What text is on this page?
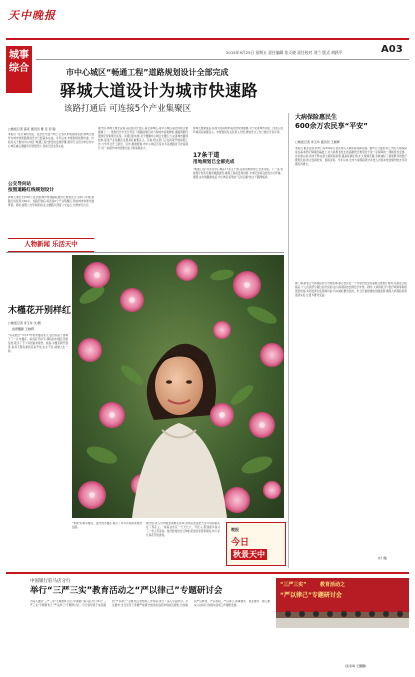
天中晚报
2015年9月25日 星期五 责任编辑 张天晓 责任校对 刘兰 版式 胡跃平	A03
城事
综合	市中心城区“畅通工程”道路规划设计全部完成
驿城大道设计为城市快速路
该路打通后 可连接5个产业集聚区
□晚报记者 高亮 通讯员 曹 章 彭 聪
本报讯 “在计算机系统、信息化方面,”昨日,记者从市规划局获悉,驿城大道作为城市快速路规划设计已经基本完成。今年以来,市规划局按照市委、市政府关于推进中心城区“畅通工程”建设的安排部署,组织专业设计单位对中心城区重点道路进行规划设计,目前已经全部完成。
公交导向站
按照道路红线规划设计
驿城大道全长约26公里,按照城市快速路标准进行规划设计,双向八车道,道路红线宽度为60米。该路打通后,将连接5个产业集聚区,形成城市快速交通骨架。同时,按照公交导向原则,在主要路口预留公交站点,方便市民出行。
人物新闻 乐活天中
据介绍,驿城大道北起驻马店经济开发区,南至驿城区,是中心城区南北向的主要通道之一。规划设计中充分考虑了道路的通行能力和城市景观效果,道路两侧设置绿化带和慢行系统。该项目的实施,对于缓解中心城区交通压力,完善城市路网结构,促进产业集聚区发展具有重要意义。目前,相关部门正在抓紧开展前期工作,力争早日开工建设。另外,根据规划,市中心城区还将对多条道路进行改造提升,进一步提升城市的通行能力和承载能力。
驿城大道建成后,将成为连接城市南北的快速通道,对于完善城市功能、改善人居环境具有重要意义。市规划局有关负责人介绍,规划设计工作已通过专家评审。
17条干道
用地规划已全部完成
“畅通工程”共涉及中心城区17条主干道,目前用地规划已全部完成。下一步,将按照计划有序推进道路建设,确保工程质量和进度,为市民创造良好的出行环境。据悉,这些道路建成后,中心城区将形成“五纵五横”的主干路网格局。
大病保险惠民生
600余万农民享“平安”
□晚报记者 李玉华 通讯员 王晓辉
本报讯 截至目前,我市已有600余万农民纳入大病保险保障范围。据市卫计委负责人介绍,大病保险是在基本医疗保障的基础上,对大病患者发生的高额医疗费用给予进一步保障的一项制度性安排。自实施以来,我市不断完善大病保险政策,提高报销比例,扩大保障范围,有效减轻了参保群众的医疗费用负担,防止因病致贫、因病返贫。今年以来,全市大病保险累计补偿人次和补偿金额均较去年同期有所增长。
据了解,新农合大病保险实行市级统筹,参合农民在一个年度内发生的高额合规医疗费用,在新农合报销后,个人负担部分超过起付线的,由大病保险按比例给予补偿。同时,大病保险还与医疗救助等制度紧密衔接,共同发挥托底保障功能,切实减轻群众负担。市卫计委将继续加强监管,确保大病保险政策落到实处,让更多群众受益。
(付 强)
木槿花开别样红
□晚报记者 李玉华 文/图
首席摄影 王晓辉
“风采依旧”今年57岁的木槿花老人,在自家院子里种下了一片木槿花。每到花开时节,满院的木槿花竞相绽放,吸引了不少邻居前来观赏。她说,木槿花朝开暮落,但每天都有新的花朵开放,生生不息,就像人生一样。
“本地”时尚木槿花、盛开的木槿花,吸引了许多市民前来观赏拍照。
据介绍,老人自幼就喜欢种花养草,退休后更是把大部分时间都花在了养花上。“看着这些花一天天长大、开花,心里别提多高兴了。”老人笑着说。她还经常把自己种的花送给邻居和朋友,和大家分享花开的喜悦。
晚报
今日
秋景天中
中国银行驻马店分行
举行“三严三实”教育活动之“严以律己”专题研讨会
为深入推进“三严三实”专题教育,近日,中国银行驻马店分行举行“三严三实”专题教育之“严以律己”专题研讨会。分行领导班子成员围绕“严以律己”主题,结合思想和工作实际,进行了深入交流研讨。会议要求,全行党员干部要严格遵守党的政治纪律和政治规矩,自觉做到严以修身、严以用权、严以律己,谋事要实、创业要实、做人要实,以实际行动推动各项工作健康发展。
“三严三实”	教育活动之
“严以律己”专题研讨会
(张家鸣 王鹏鹏)
